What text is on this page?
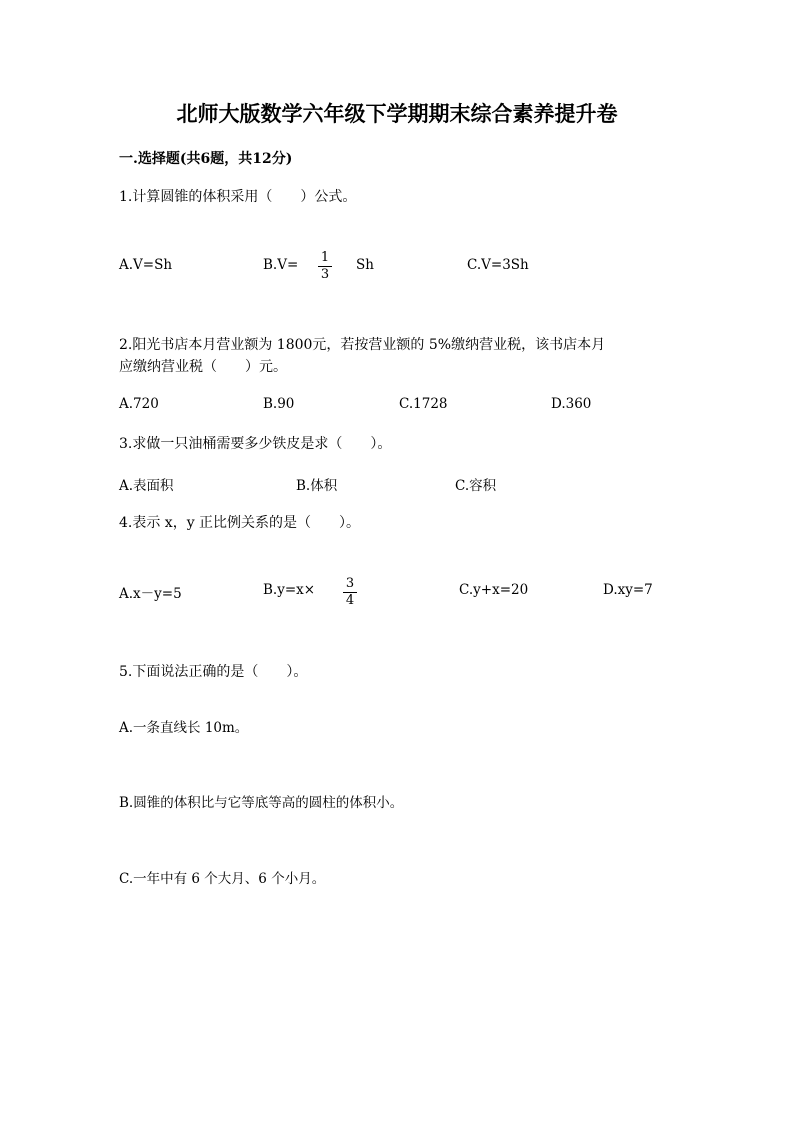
北师大版数学六年级下学期期末综合素养提升卷
一.选择题(共6题，共12分)
1.计算圆锥的体积采用（　　）公式。
A.V=Sh	B.V= 1
3
Sh	C.V=3Sh
2.阳光书店本月营业额为 1800元，若按营业额的 5%缴纳营业税，该书店本月
应缴纳营业税（　　）元。
A.720	B.90	C.1728	D.360
3.求做一只油桶需要多少铁皮是求（　　）。
A.表面积	B.体积	C.容积
4.表示 x，y 正比例关系的是（　　）。
A.x－y=5	B.y=x× 3
4
C.y+x=20	D.xy=7
5.下面说法正确的是（　　）。
A.一条直线长 10m。
B.圆锥的体积比与它等底等高的圆柱的体积小。
C.一年中有 6 个大月、6 个小月。
